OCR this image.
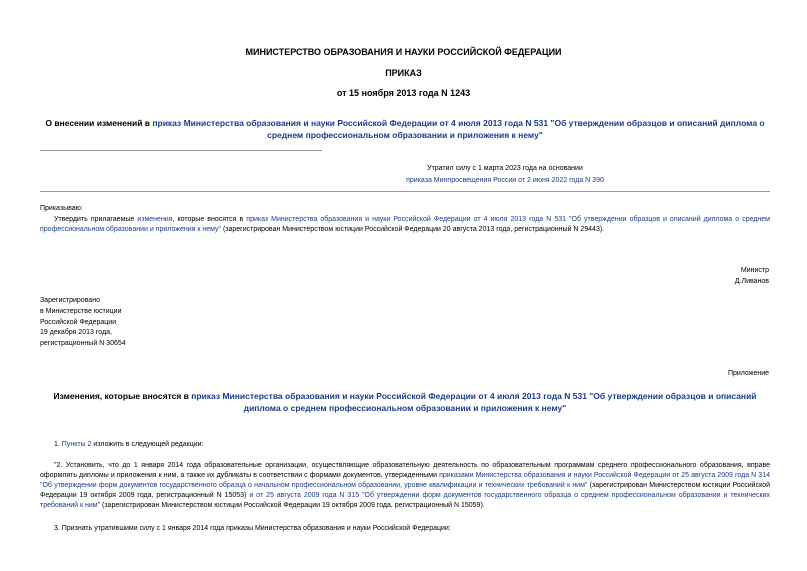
МИНИСТЕРСТВО ОБРАЗОВАНИЯ И НАУКИ РОССИЙСКОЙ ФЕДЕРАЦИИ
ПРИКАЗ
от 15 ноября 2013 года N 1243
О внесении изменений в приказ Министерства образования и науки Российской Федерации от 4 июля 2013 года N 531 "Об утверждении образцов и описаний диплома о среднем профессиональном образовании и приложения к нему"
Утратил силу с 1 марта 2023 года на основании
приказа Минпросвещения России от 2 июня 2022 года N 390
Приказываю:
Утвердить прилагаемые изменения, которые вносятся в приказ Министерства образования и науки Российской Федерации от 4 июля 2013 года N 531 "Об утверждении образцов и описаний диплома о среднем профессиональном образовании и приложения к нему" (зарегистрирован Министерством юстиции Российской Федерации 20 августа 2013 года, регистрационный N 29443).
Министр
Д.Ливанов
Зарегистрировано
в Министерстве юстиции
Российской Федерации
19 декабря 2013 года,
регистрационный N 30654
Приложение
Изменения, которые вносятся в приказ Министерства образования и науки Российской Федерации от 4 июля 2013 года N 531 "Об утверждении образцов и описаний диплома о среднем профессиональном образовании и приложения к нему"
1. Пункты 2 изложить в следующей редакции:
"2. Установить, что до 1 января 2014 года образовательные организации, осуществляющие образовательную деятельность по образовательным программам среднего профессионального образования, вправе оформлять дипломы и приложения к ним, а также их дубликаты в соответствии с формами документов, утвержденными приказами Министерства образования и науки Российской Федерации от 25 августа 2009 года N 314 "Об утверждении форм документов государственного образца о начальном профессиональном образовании, уровне квалификации и технических требований к ним" (зарегистрирован Министерством юстиции Российской Федерации 19 октября 2009 года, регистрационный N 15053) и от 25 августа 2009 года N 315 "Об утверждении форм документов государственного образца о среднем профессиональном образовании и технических требований к ним" (зарегистрирован Министерством юстиции Российской Федерации 19 октября 2009 года, регистрационный N 15059).
3. Признать утратившими силу с 1 января 2014 года приказы Министерства образования и науки Российской Федерации:
